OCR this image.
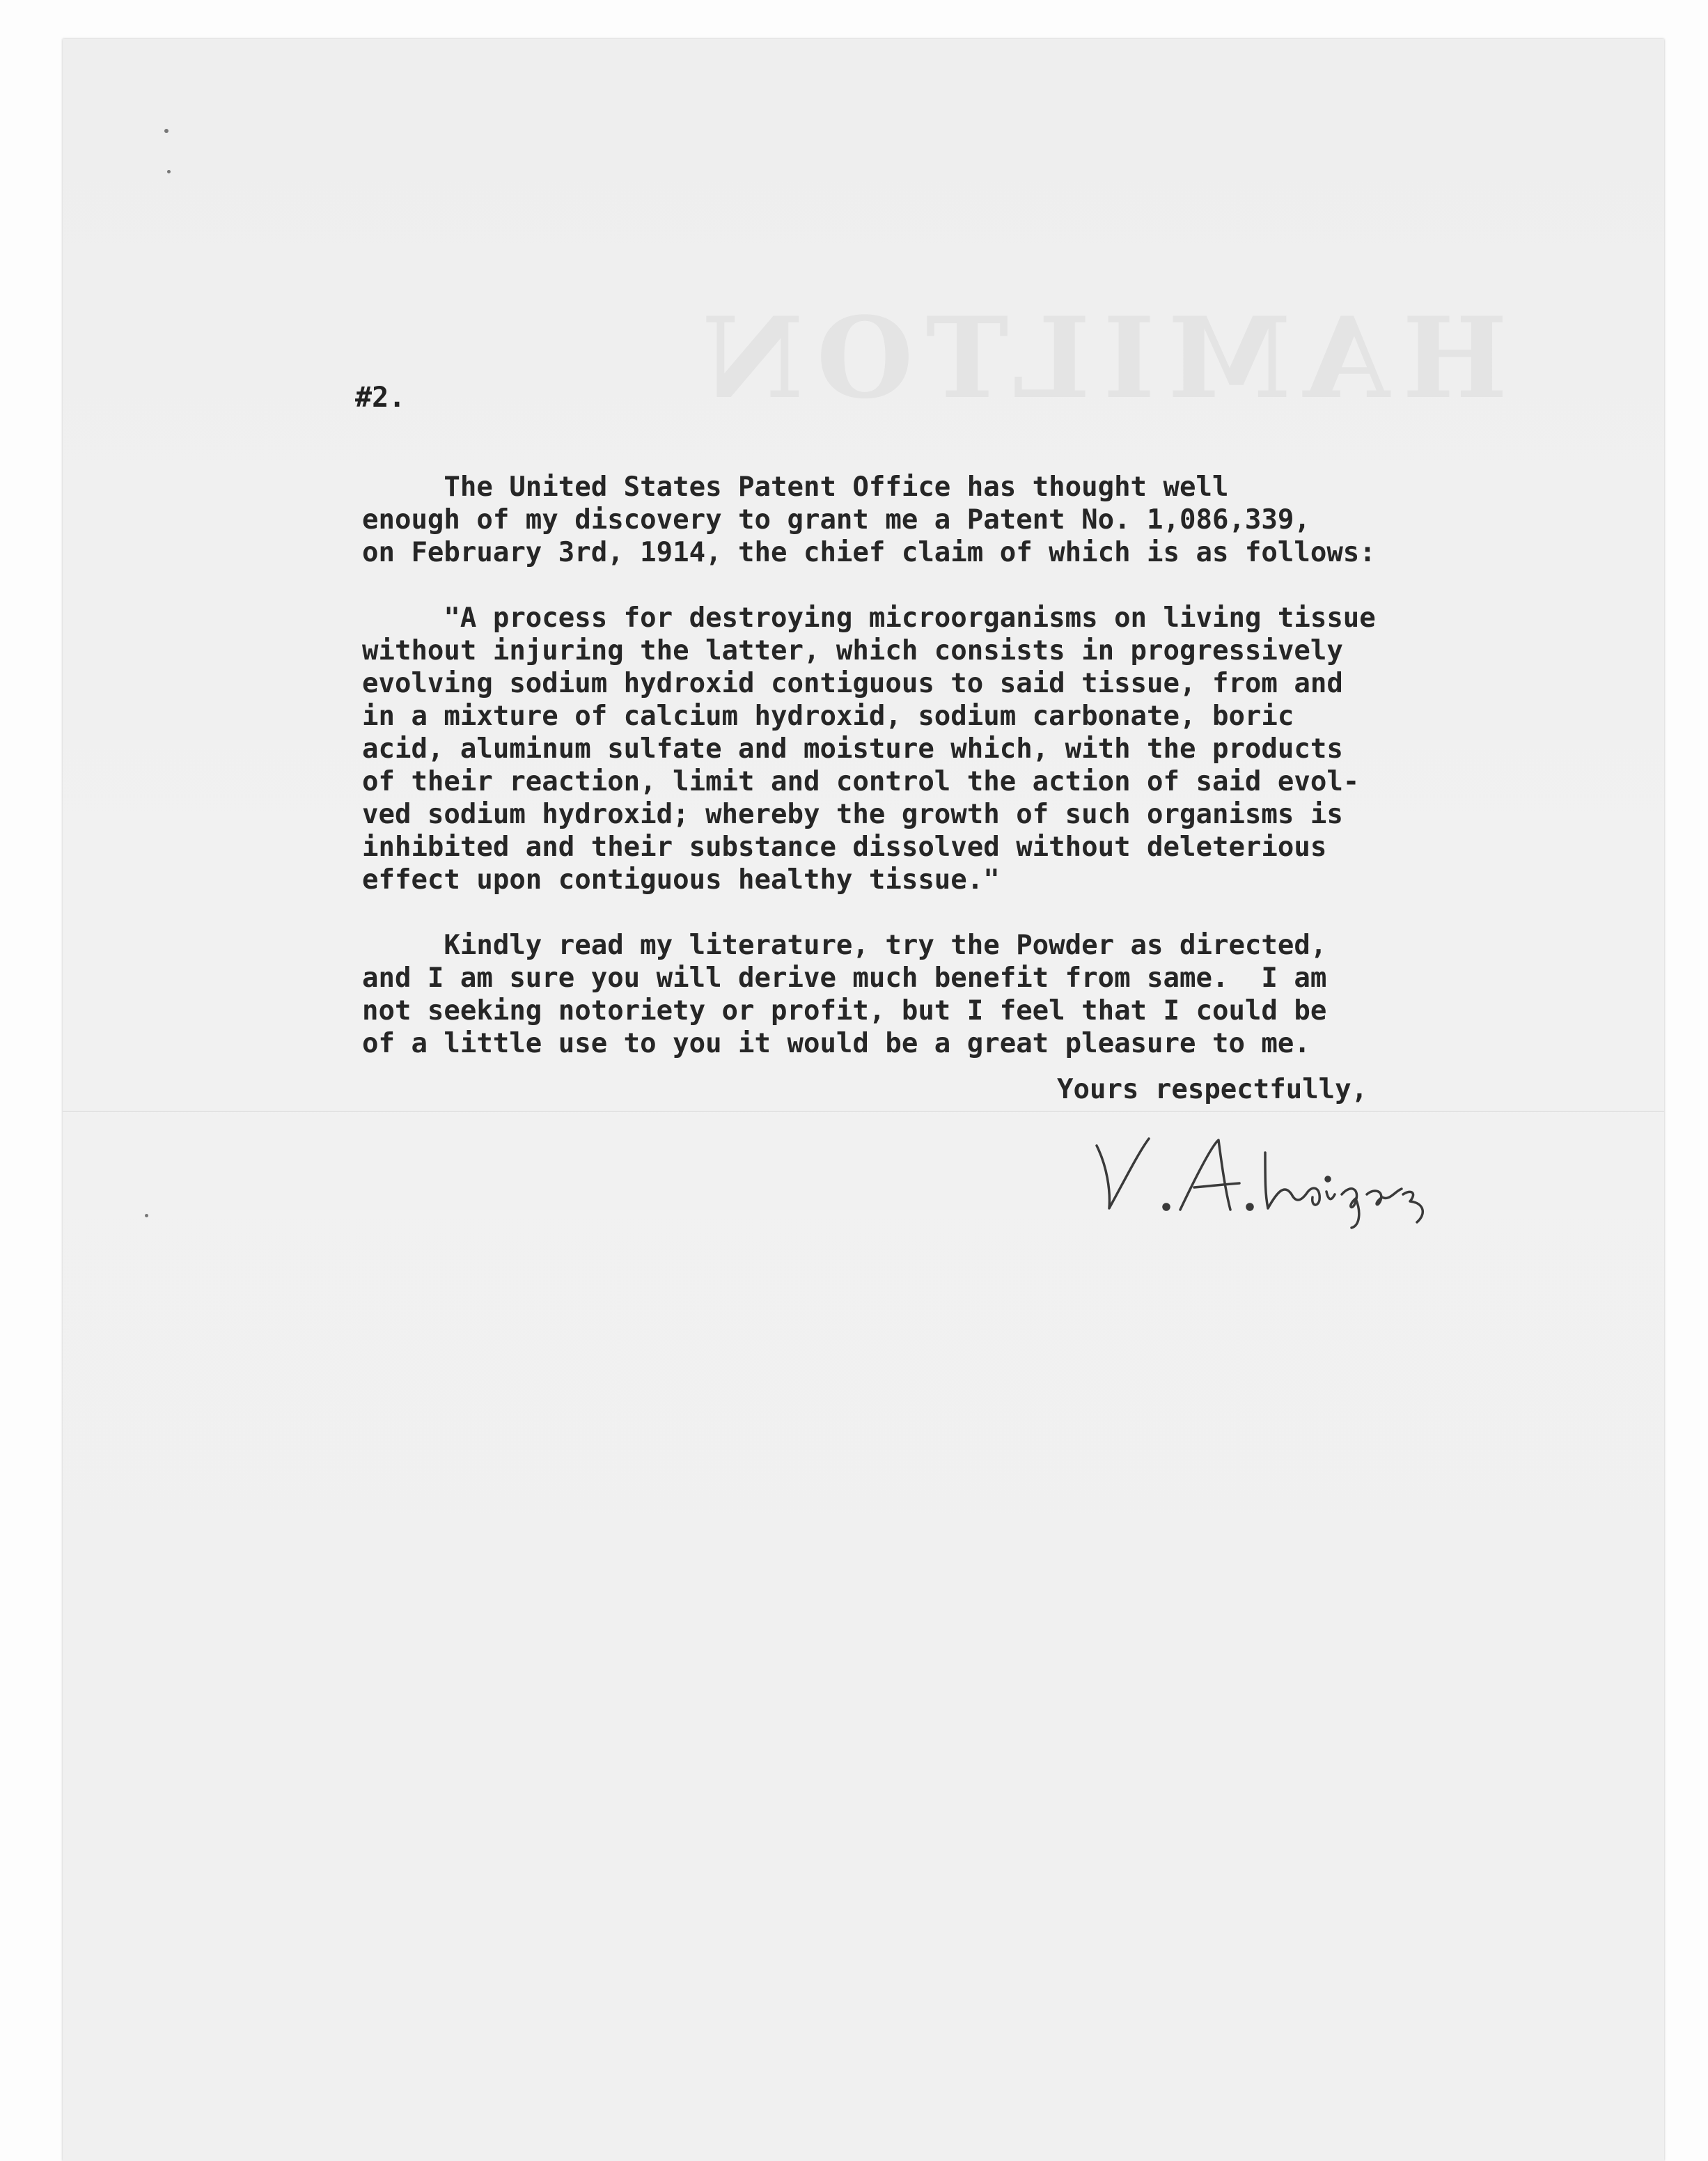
#2.
The United States Patent Office has thought well
enough of my discovery to grant me a Patent No. 1,086,339,
on February 3rd, 1914, the chief claim of which is as follows:
"A process for destroying microorganisms on living tissue
without injuring the latter, which consists in progressively
evolving sodium hydroxid contiguous to said tissue, from and
in a mixture of calcium hydroxid, sodium carbonate, boric
acid, aluminum sulfate and moisture which, with the products
of their reaction, limit and control the action of said evol-
ved sodium hydroxid; whereby the growth of such organisms is
inhibited and their substance dissolved without deleterious
effect upon contiguous healthy tissue."
Kindly read my literature, try the Powder as directed,
and I am sure you will derive much benefit from same.  I am
not seeking notoriety or profit, but I feel that I could be
of a little use to you it would be a great pleasure to me.
Yours respectfully,
